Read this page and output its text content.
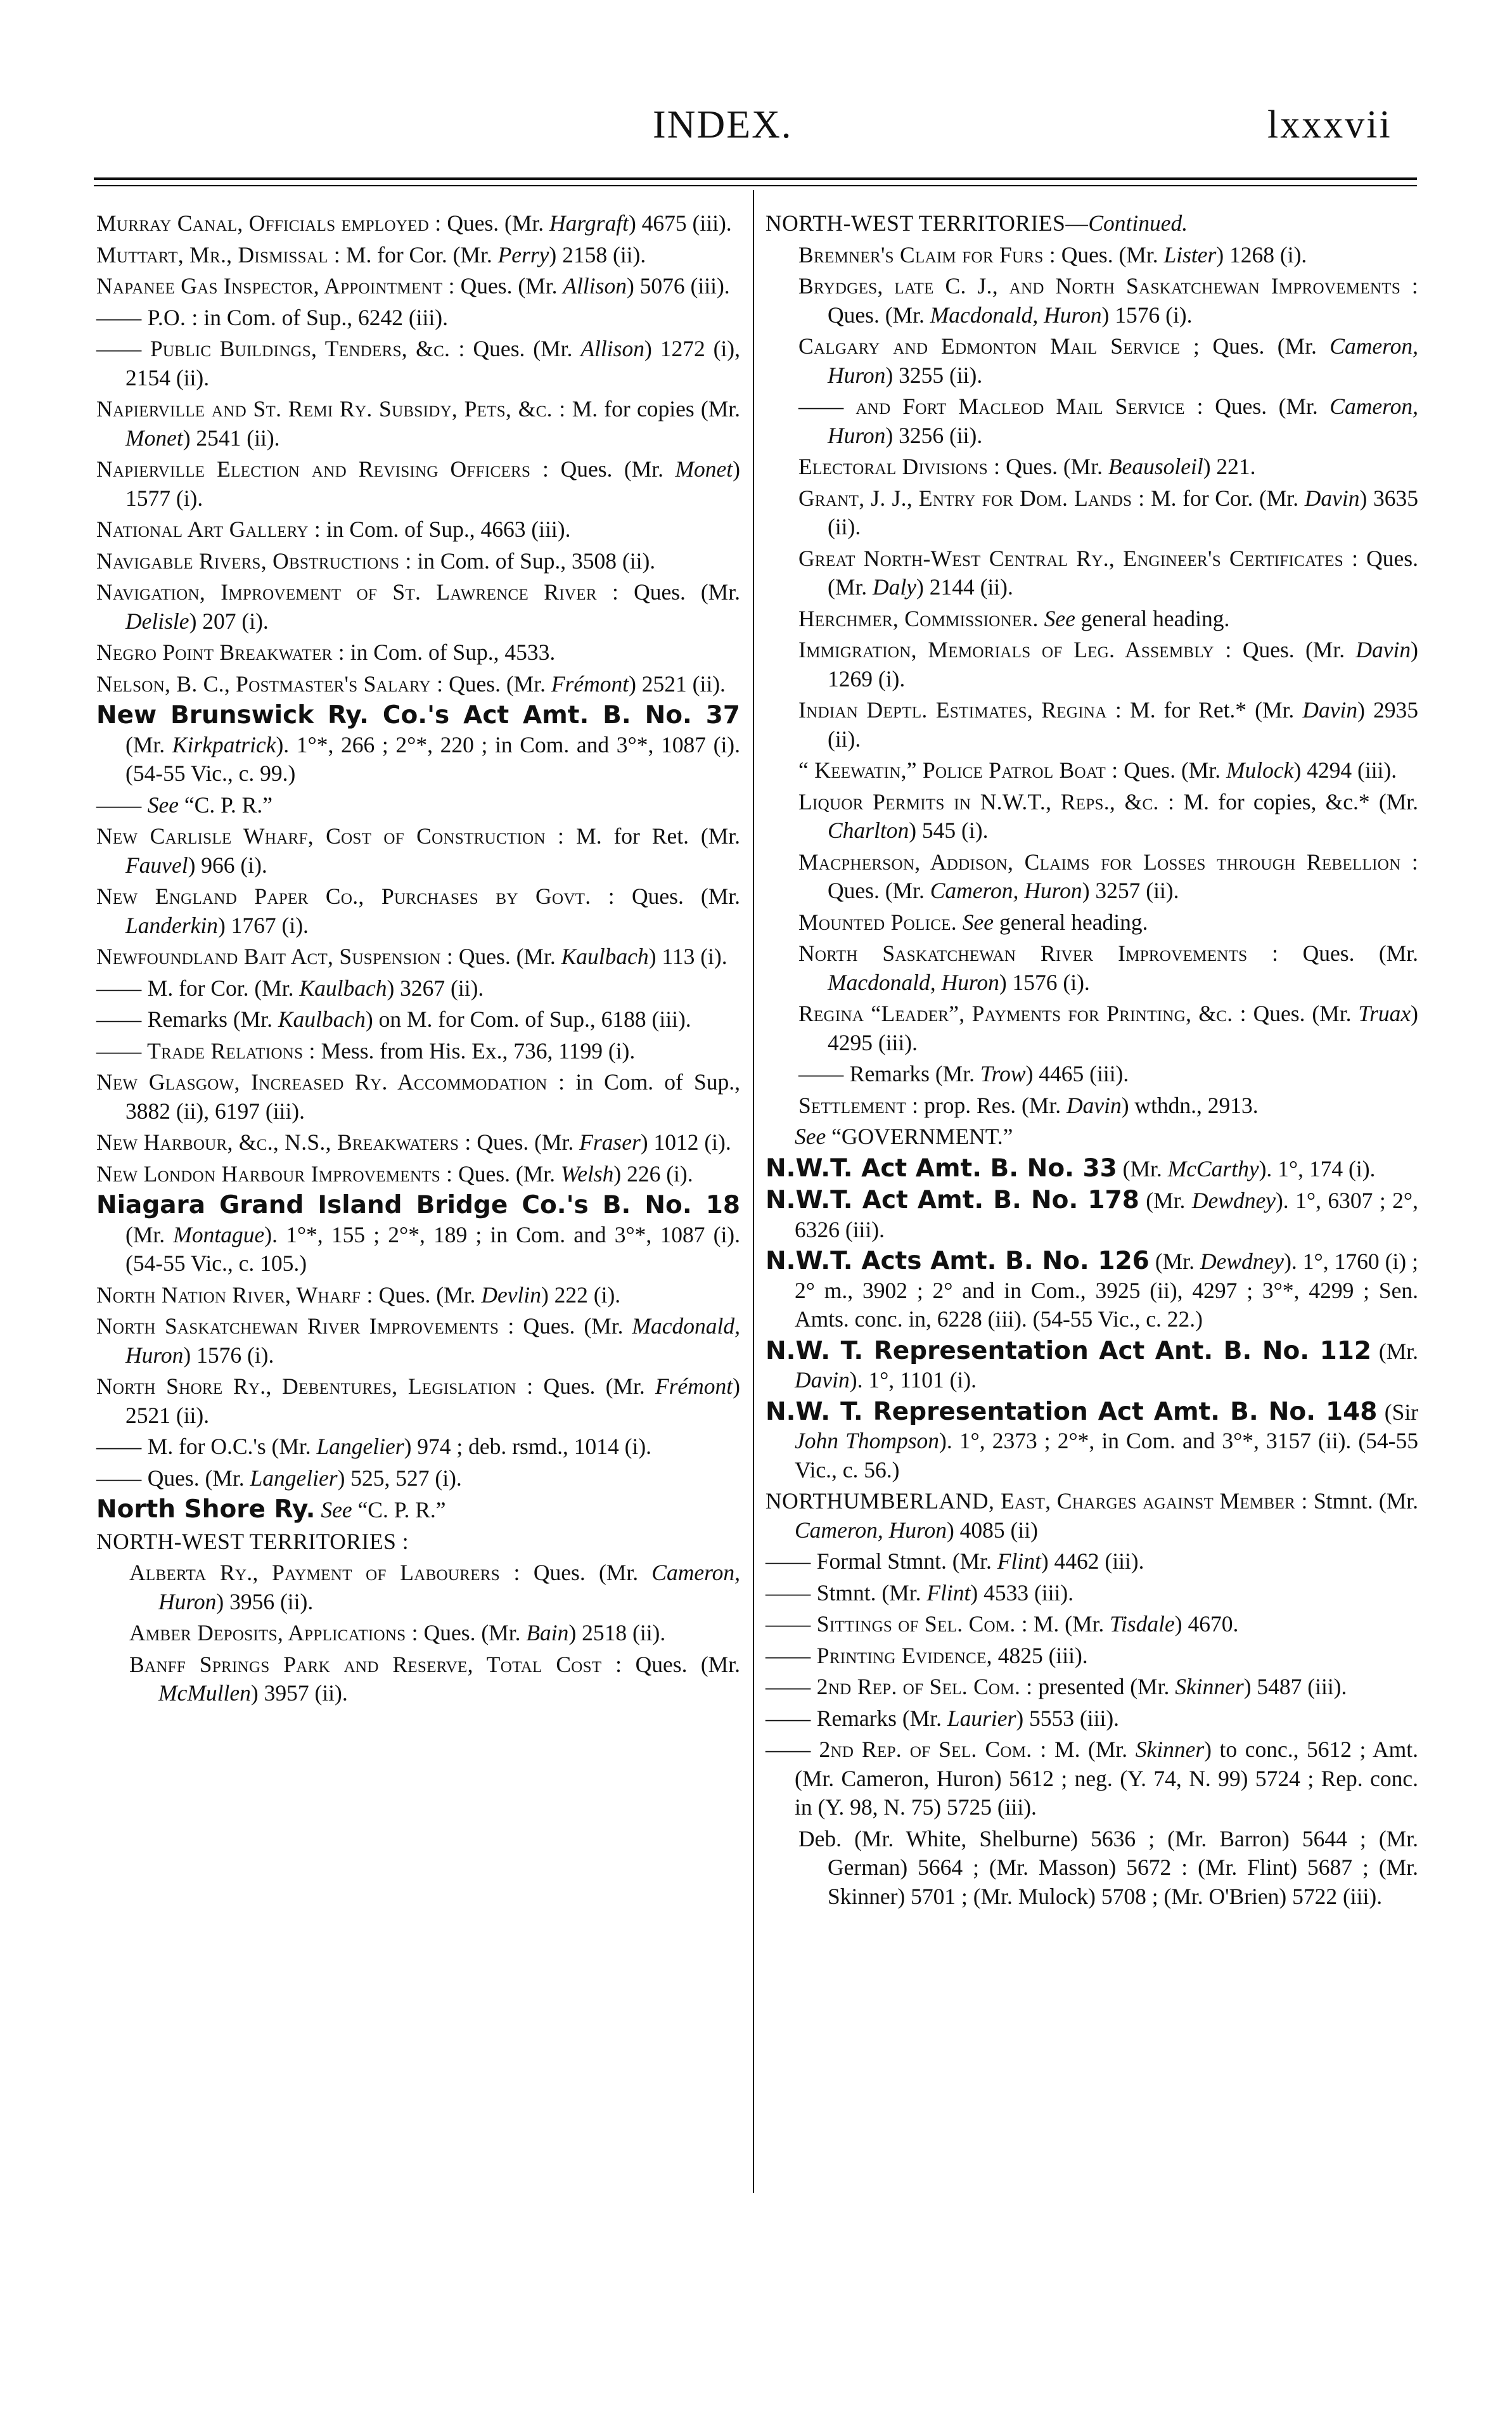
INDEX.	lxxxvii

Murray Canal, Officials employed : Ques. (Mr. Hargraft) 4675 (iii).

Muttart, Mr., Dismissal : M. for Cor. (Mr. Perry) 2158 (ii).

Napanee Gas Inspector, Appointment : Ques. (Mr. Allison) 5076 (iii).

—— P.O. : in Com. of Sup., 6242 (iii).

—— Public Buildings, Tenders, &c. : Ques. (Mr. Allison) 1272 (i), 2154 (ii).

Napierville and St. Remi Ry. Subsidy, Pets, &c. : M. for copies (Mr. Monet) 2541 (ii).

Napierville Election and Revising Officers : Ques. (Mr. Monet) 1577 (i).

National Art Gallery : in Com. of Sup., 4663 (iii).

Navigable Rivers, Obstructions : in Com. of Sup., 3508 (ii).

Navigation, Improvement of St. Lawrence River : Ques. (Mr. Delisle) 207 (i).

Negro Point Breakwater : in Com. of Sup., 4533.

Nelson, B. C., Postmaster's Salary : Ques. (Mr. Frémont) 2521 (ii).

New Brunswick Ry. Co.'s Act Amt. B. No. 37 (Mr. Kirkpatrick). 1°*, 266 ; 2°*, 220 ; in Com. and 3°*, 1087 (i). (54-55 Vic., c. 99.)

—— See “C. P. R.”

New Carlisle Wharf, Cost of Construction : M. for Ret. (Mr. Fauvel) 966 (i).

New England Paper Co., Purchases by Govt. : Ques. (Mr. Landerkin) 1767 (i).

Newfoundland Bait Act, Suspension : Ques. (Mr. Kaulbach) 113 (i).

—— M. for Cor. (Mr. Kaulbach) 3267 (ii).

—— Remarks (Mr. Kaulbach) on M. for Com. of Sup., 6188 (iii).

—— Trade Relations : Mess. from His. Ex., 736, 1199 (i).

New Glasgow, Increased Ry. Accommodation : in Com. of Sup., 3882 (ii), 6197 (iii).

New Harbour, &c., N.S., Breakwaters : Ques. (Mr. Fraser) 1012 (i).

New London Harbour Improvements : Ques. (Mr. Welsh) 226 (i).

Niagara Grand Island Bridge Co.'s B. No. 18 (Mr. Montague). 1°*, 155 ; 2°*, 189 ; in Com. and 3°*, 1087 (i). (54-55 Vic., c. 105.)

North Nation River, Wharf : Ques. (Mr. Devlin) 222 (i).

North Saskatchewan River Improvements : Ques. (Mr. Macdonald, Huron) 1576 (i).

North Shore Ry., Debentures, Legislation : Ques. (Mr. Frémont) 2521 (ii).

—— M. for O.C.'s (Mr. Langelier) 974 ; deb. rsmd., 1014 (i).

—— Ques. (Mr. Langelier) 525, 527 (i).

North Shore Ry. See “C. P. R.”

NORTH-WEST TERRITORIES :

Alberta Ry., Payment of Labourers : Ques. (Mr. Cameron, Huron) 3956 (ii).

Amber Deposits, Applications : Ques. (Mr. Bain) 2518 (ii).

Banff Springs Park and Reserve, Total Cost : Ques. (Mr. McMullen) 3957 (ii).

NORTH-WEST TERRITORIES—Continued.

Bremner's Claim for Furs : Ques. (Mr. Lister) 1268 (i).

Brydges, late C. J., and North Saskatchewan Improvements : Ques. (Mr. Macdonald, Huron) 1576 (i).

Calgary and Edmonton Mail Service ; Ques. (Mr. Cameron, Huron) 3255 (ii).

—— and Fort Macleod Mail Service : Ques. (Mr. Cameron, Huron) 3256 (ii).

Electoral Divisions : Ques. (Mr. Beausoleil) 221.

Grant, J. J., Entry for Dom. Lands : M. for Cor. (Mr. Davin) 3635 (ii).

Great North-West Central Ry., Engineer's Certificates : Ques. (Mr. Daly) 2144 (ii).

Herchmer, Commissioner. See general heading.

Immigration, Memorials of Leg. Assembly : Ques. (Mr. Davin) 1269 (i).

Indian Deptl. Estimates, Regina : M. for Ret.* (Mr. Davin) 2935 (ii).

“ Keewatin,” Police Patrol Boat : Ques. (Mr. Mulock) 4294 (iii).

Liquor Permits in N.W.T., Reps., &c. : M. for copies, &c.* (Mr. Charlton) 545 (i).

Macpherson, Addison, Claims for Losses through Rebellion : Ques. (Mr. Cameron, Huron) 3257 (ii).

Mounted Police. See general heading.

North Saskatchewan River Improvements : Ques. (Mr. Macdonald, Huron) 1576 (i).

Regina “Leader”, Payments for Printing, &c. : Ques. (Mr. Truax) 4295 (iii).

—— Remarks (Mr. Trow) 4465 (iii).

Settlement : prop. Res. (Mr. Davin) wthdn., 2913.

See “GOVERNMENT.”

N.W.T. Act Amt. B. No. 33 (Mr. McCarthy). 1°, 174 (i).

N.W.T. Act Amt. B. No. 178 (Mr. Dewdney). 1°, 6307 ; 2°, 6326 (iii).

N.W.T. Acts Amt. B. No. 126 (Mr. Dewdney). 1°, 1760 (i) ; 2° m., 3902 ; 2° and in Com., 3925 (ii), 4297 ; 3°*, 4299 ; Sen. Amts. conc. in, 6228 (iii). (54-55 Vic., c. 22.)

N.W. T. Representation Act Ant. B. No. 112 (Mr. Davin). 1°, 1101 (i).

N.W. T. Representation Act Amt. B. No. 148 (Sir John Thompson). 1°, 2373 ; 2°*, in Com. and 3°*, 3157 (ii). (54-55 Vic., c. 56.)

NORTHUMBERLAND, East, Charges against Member : Stmnt. (Mr. Cameron, Huron) 4085 (ii)

—— Formal Stmnt. (Mr. Flint) 4462 (iii).

—— Stmnt. (Mr. Flint) 4533 (iii).

—— Sittings of Sel. Com. : M. (Mr. Tisdale) 4670.

—— Printing Evidence, 4825 (iii).

—— 2nd Rep. of Sel. Com. : presented (Mr. Skinner) 5487 (iii).

—— Remarks (Mr. Laurier) 5553 (iii).

—— 2nd Rep. of Sel. Com. : M. (Mr. Skinner) to conc., 5612 ; Amt. (Mr. Cameron, Huron) 5612 ; neg. (Y. 74, N. 99) 5724 ; Rep. conc. in (Y. 98, N. 75) 5725 (iii).

Deb. (Mr. White, Shelburne) 5636 ; (Mr. Barron) 5644 ; (Mr. German) 5664 ; (Mr. Masson) 5672 : (Mr. Flint) 5687 ; (Mr. Skinner) 5701 ; (Mr. Mulock) 5708 ; (Mr. O'Brien) 5722 (iii).
